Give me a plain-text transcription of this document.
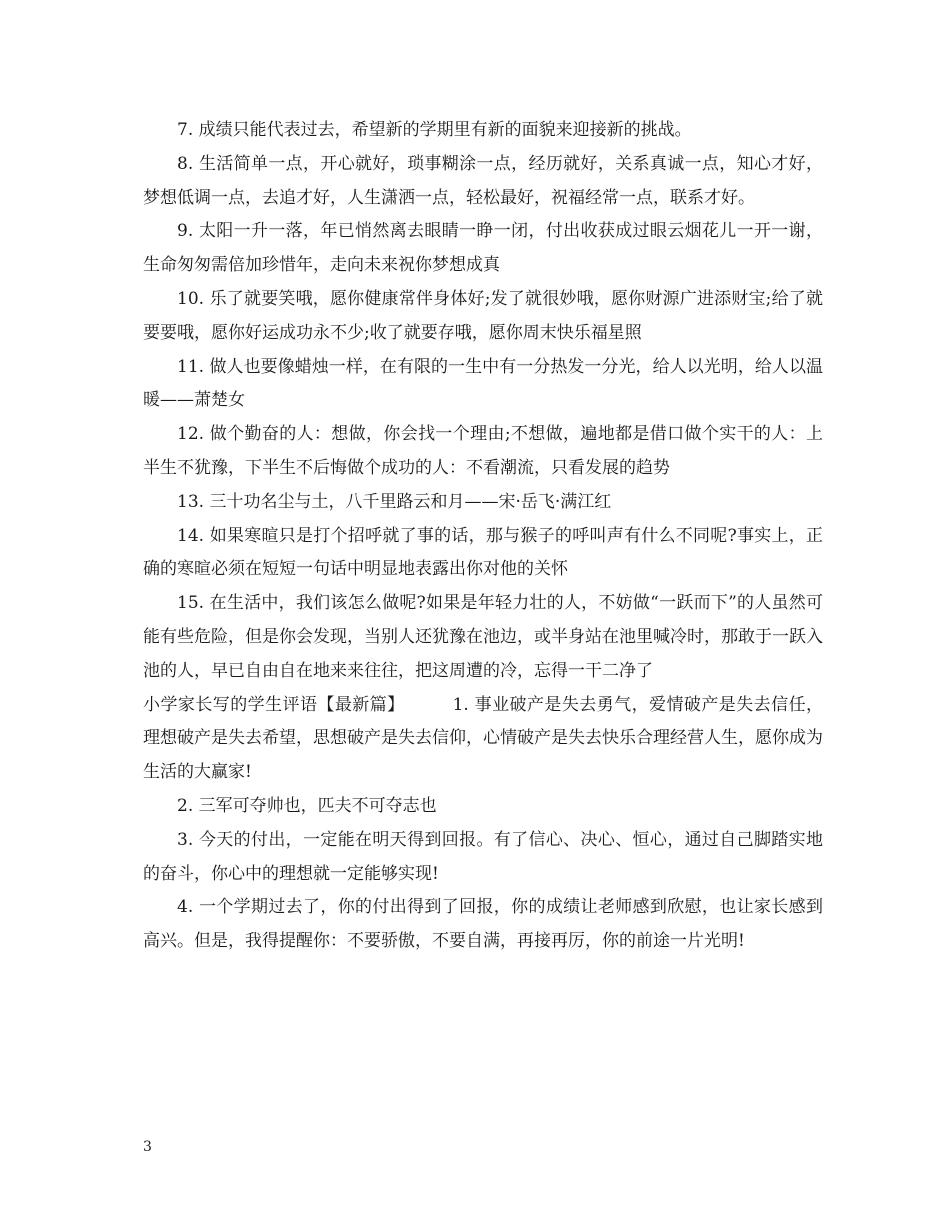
7. 成绩只能代表过去，希望新的学期里有新的面貌来迎接新的挑战。

8. 生活简单一点，开心就好，琐事糊涂一点，经历就好，关系真诚一点，知心才好，梦想低调一点，去追才好，人生潇洒一点，轻松最好，祝福经常一点，联系才好。

9. 太阳一升一落，年已悄然离去眼睛一睁一闭，付出收获成过眼云烟花儿一开一谢，生命匆匆需倍加珍惜年，走向未来祝你梦想成真

10. 乐了就要笑哦，愿你健康常伴身体好;发了就很妙哦，愿你财源广进添财宝;给了就要要哦，愿你好运成功永不少;收了就要存哦，愿你周末快乐福星照

11. 做人也要像蜡烛一样，在有限的一生中有一分热发一分光，给人以光明，给人以温暖——萧楚女

12. 做个勤奋的人：想做，你会找一个理由;不想做，遍地都是借口做个实干的人：上半生不犹豫，下半生不后悔做个成功的人：不看潮流，只看发展的趋势

13. 三十功名尘与土，八千里路云和月——宋·岳飞·满江红

14. 如果寒暄只是打个招呼就了事的话，那与猴子的呼叫声有什么不同呢?事实上，正确的寒暄必须在短短一句话中明显地表露出你对他的关怀

15. 在生活中，我们该怎么做呢?如果是年轻力壮的人，不妨做“一跃而下”的人虽然可能有些危险，但是你会发现，当别人还犹豫在池边，或半身站在池里喊冷时，那敢于一跃入池的人，早已自由自在地来来往往，把这周遭的冷，忘得一干二净了

小学家长写的学生评语【最新篇】	1. 事业破产是失去勇气，爱情破产是失去信任，理想破产是失去希望，思想破产是失去信仰，心情破产是失去快乐合理经营人生，愿你成为生活的大赢家!

2. 三军可夺帅也，匹夫不可夺志也

3. 今天的付出，一定能在明天得到回报。有了信心、决心、恒心，通过自己脚踏实地的奋斗，你心中的理想就一定能够实现!

4. 一个学期过去了，你的付出得到了回报，你的成绩让老师感到欣慰，也让家长感到高兴。但是，我得提醒你：不要骄傲，不要自满，再接再厉，你的前途一片光明!

3
